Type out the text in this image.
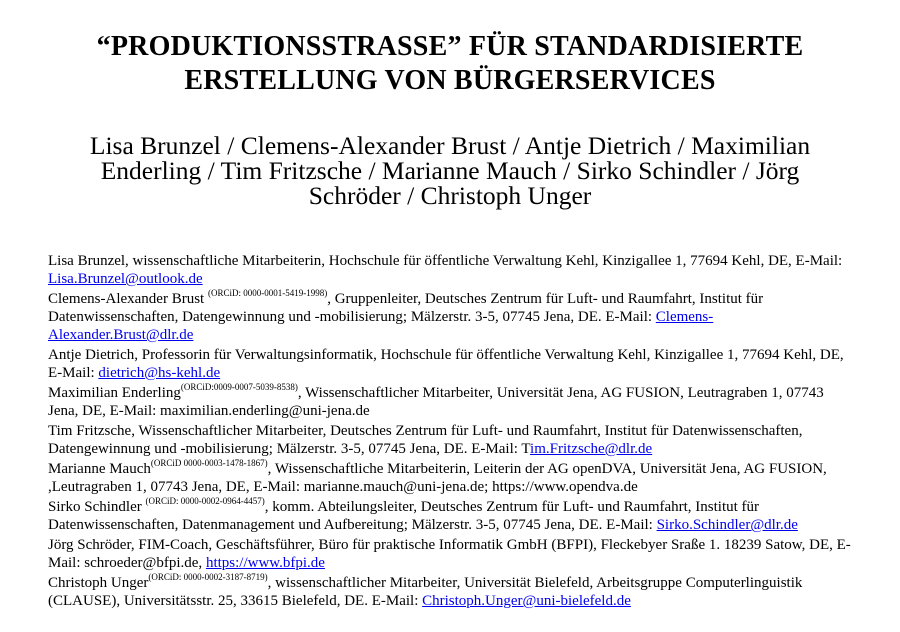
“PRODUKTIONSSTRASSE” FÜR STANDARDISIERTE
ERSTELLUNG VON BÜRGERSERVICES
Lisa Brunzel / Clemens-Alexander Brust / Antje Dietrich / Maximilian Enderling / Tim Fritzsche / Marianne Mauch / Sirko Schindler / Jörg Schröder / Christoph Unger
Lisa Brunzel, wissenschaftliche Mitarbeiterin, Hochschule für öffentliche Verwaltung Kehl, Kinzigallee 1, 77694 Kehl, DE, E-Mail: Lisa.Brunzel@outlook.de
Clemens-Alexander Brust $^{(ORCiD: 0000-0001-5419-1998)}$, Gruppenleiter, Deutsches Zentrum für Luft- und Raumfahrt, Institut für Datenwissenschaften, Datengewinnung und -mobilisierung; Mälzerstr. 3-5, 07745 Jena, DE. E-Mail: Clemens-Alexander.Brust@dlr.de
Antje Dietrich, Professorin für Verwaltungsinformatik, Hochschule für öffentliche Verwaltung Kehl, Kinzigallee 1, 77694 Kehl, DE, E-Mail: dietrich@hs-kehl.de
Maximilian Enderling$^{(ORCiD:0009-0007-5039-8538)}$, Wissenschaftlicher Mitarbeiter, Universität Jena, AG FUSION, Leutragraben 1, 07743 Jena, DE, E-Mail: maximilian.enderling@uni-jena.de
Tim Fritzsche, Wissenschaftlicher Mitarbeiter, Deutsches Zentrum für Luft- und Raumfahrt, Institut für Datenwissenschaften, Datengewinnung und -mobilisierung; Mälzerstr. 3-5, 07745 Jena, DE. E-Mail: Tim.Fritzsche@dlr.de
Marianne Mauch$^{(ORCiD 0000-0003-1478-1867)}$, Wissenschaftliche Mitarbeiterin, Leiterin der AG openDVA, Universität Jena, AG FUSION, ,Leutragraben 1, 07743 Jena, DE, E-Mail: marianne.mauch@uni-jena.de; https://www.opendva.de
Sirko Schindler $^{(ORCiD: 0000-0002-0964-4457)}$, komm. Abteilungsleiter, Deutsches Zentrum für Luft- und Raumfahrt, Institut für Datenwissenschaften, Datenmanagement und Aufbereitung; Mälzerstr. 3-5, 07745 Jena, DE. E-Mail: Sirko.Schindler@dlr.de
Jörg Schröder, FIM-Coach, Geschäftsführer, Büro für praktische Informatik GmbH (BFPI), Fleckebyer Sraße 1. 18239 Satow, DE, E-Mail: schroeder@bfpi.de, https://www.bfpi.de
Christoph Unger$^{(ORCiD: 0000-0002-3187-8719)}$, wissenschaftlicher Mitarbeiter, Universität Bielefeld, Arbeitsgruppe Computerlinguistik (CLAUSE), Universitätsstr. 25, 33615 Bielefeld, DE. E-Mail: Christoph.Unger@uni-bielefeld.de
